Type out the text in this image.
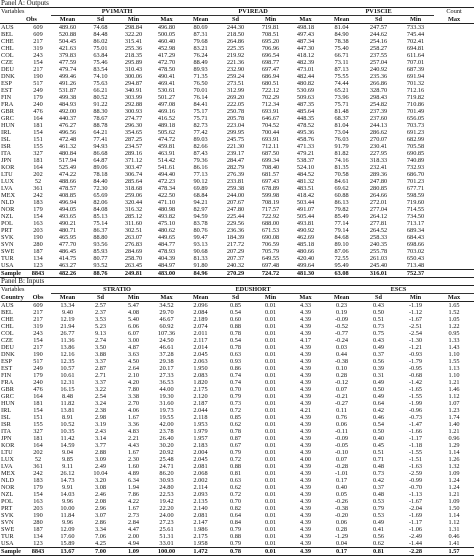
Panel A: Outputs
Variables		PV1MATH				PV1READ				PV1SCIE			Count
	Obs	Mean	Sd	Min	Max	Mean	Sd	Min	Max	Mean	Sd	Min	Max
AUS	609	489.60	74.68	298.84	496.80	80.69	244.30	719.81	498.18	81.04	247.57	733.33	
BEL	609	520.88	84.48	322.20	500.05	87.31	218.50	708.51	497.43	84.90	244.62	745.44	
CHE	217	504.45	86.02	315.41	460.40	79.68	264.86	695.20	487.34	78.38	254.16	702.41	
CHL	319	421.63	75.01	255.36	452.98	83.21	225.35	706.96	447.30	75.40	258.27	694.81	
COL	243	379.83	63.84	218.35	417.29	76.24	219.92	696.54	418.12	66.71	237.55	611.64	
CZE	154	477.59	75.46	295.89	472.70	88.49	221.36	698.77	482.39	73.11	257.04	707.01	
DEU	217	479.74	83.54	310.43	478.50	89.93	232.90	697.47	473.01	87.13	240.92	687.39	
DNK	190	499.46	74.10	300.06	490.41	71.35	259.24	686.94	482.44	75.55	235.36	691.94	
ESP	517	491.26	75.63	294.87	469.41	76.50	273.51	680.51	480.82	74.44	266.86	701.32	
EST	249	531.87	66.21	340.91	530.61	70.01	312.99	722.12	530.69	65.21	328.70	712.16	
FIN	179	499.38	80.52	303.99	501.27	76.14	269.20	702.29	509.63	73.96	298.43	719.82	
FRA	240	484.93	91.22	292.88	497.08	84.41	222.05	712.34	487.35	75.71	254.82	710.86	
GBR	476	492.00	88.30	300.93	469.16	75.17	250.78	693.91	485.64	81.48	237.39	701.49	
GRC	164	440.37	78.67	274.77	416.52	75.71	205.78	646.67	448.35	68.37	237.60	656.05	
HUN	181	476.27	88.78	296.30	489.18	82.73	223.04	704.52	478.52	81.04	244.13	703.73	
IRL	154	496.56	64.21	354.65	505.62	77.42	299.95	700.44	495.36	73.04	286.62	691.23	
ISL	151	472.48	77.41	287.25	474.72	89.03	245.75	693.91	458.76	76.03	270.07	682.99	
ISR	155	461.32	94.93	234.57	459.81	82.66	221.30	712.11	471.33	91.79	230.41	705.58	
ITA	327	480.84	86.68	289.16	463.91	87.43	239.17	687.50	479.21	81.82	227.95	690.85	
JPN	181	517.94	64.87	371.12	514.42	79.36	284.47	699.34	538.37	74.16	318.33	740.89	
KOR	164	525.49	89.06	303.47	541.61	86.16	282.79	708.40	524.10	81.35	232.41	732.93	
LTU	202	474.22	78.18	306.74	494.40	77.13	276.39	681.57	484.52	70.58	289.36	686.70	
LUX	52	488.66	84.40	285.64	472.23	90.12	233.81	697.43	481.32	84.61	247.80	701.23	
LVA	361	478.57	72.30	318.68	478.34	69.89	259.38	678.89	483.51	69.62	280.85	677.71	
MEX	242	408.85	65.69	259.06	422.50	68.84	244.00	599.98	418.42	60.88	264.66	598.59	
NLD	183	496.94	82.06	320.44	471.10	94.21	207.67	708.19	503.44	86.13	272.01	719.60	
NOR	179	494.05	84.08	316.32	480.98	82.97	247.80	717.57	491.07	79.82	277.04	714.55	
NZL	154	493.65	85.13	285.12	493.82	94.59	225.44	722.92	505.44	85.49	264.12	734.50	
POL	163	490.21	75.14	311.60	475.10	83.78	229.56	688.00	493.81	77.14	277.81	713.17	
PRT	203	480.71	86.37	302.51	480.62	80.76	236.36	671.53	490.92	79.14	264.52	689.34	
SVK	190	465.95	88.80	263.07	449.65	99.47	184.39	690.08	462.69	84.68	258.33	684.43	
SVN	280	477.70	93.56	276.83	484.77	93.13	217.72	706.59	485.18	89.10	240.35	698.66	
SWE	187	486.45	85.93	284.69	478.93	90.68	207.29	705.79	480.66	87.06	255.78	703.02	
TUR	134	414.75	80.77	258.70	404.39	81.33	207.37	649.55	420.40	72.55	261.03	650.43	
USA	123	463.27	93.52	263.45	484.97	91.80	240.32	697.48	499.64	95.49	245.40	713.48	
Sample	8843	482.26	88.76	249.81	483.00	84.96	270.29	724.72	481.30	63.08	316.01	752.37	
Panel B: Inputs
Variables		STRATIO				EDUSHORT				ESCS			
Country	Obs	Mean	Sd	Min	Max	Mean	Sd	Min	Max	Mean	Sd	Min	Max
AUS	609	13.34	2.57	5.47	34.52	2.096	0.85	0.01	4.33	0.23	0.43	-1.19	1.65
BEL	217	9.40	2.37	4.08	29.70	2.084	0.54	0.01	4.39	0.19	0.50	-1.12	1.52
CHE	217	12.19	3.53	5.40	46.67	2.189	0.60	0.01	4.39	-0.09	0.51	-1.67	1.05
CHL	319	21.94	5.23	6.06	60.92	2.074	0.88	0.01	4.39	-0.52	0.73	-2.51	1.22
COL	243	26.77	9.13	6.07	107.36	2.011	0.78	0.01	4.39	-0.77	0.75	-2.54	0.95
CZE	154	11.36	2.74	3.00	24.50	2.117	0.54	0.01	4.17	-0.24	0.43	-1.30	1.33
DEU	217	13.86	3.50	4.87	46.61	2.014	0.78	0.01	4.39	0.03	0.49	-1.21	1.43
DNK	190	12.16	3.88	3.63	37.28	2.045	0.63	0.01	4.39	0.44	0.37	-0.93	1.10
ESP	517	12.35	3.37	4.50	29.38	2.063	0.93	0.01	4.39	-0.38	0.56	-1.79	1.55
EST	249	10.57	2.87	2.64	20.17	1.950	0.86	0.01	4.39	0.10	0.39	-0.95	1.13
FIN	179	10.61	2.71	2.10	27.33	2.083	0.74	0.01	4.39	0.28	0.31	-0.68	1.10
FRA	240	12.31	3.37	4.20	36.53	1.820	0.74	0.01	4.39	-0.12	0.49	-1.42	1.21
GBR	476	16.15	3.22	7.80	44.00	2.175	0.70	0.01	4.39	0.07	0.50	-1.65	1.46
GRC	164	8.48	2.54	3.38	19.30	2.120	0.79	0.01	4.39	-0.21	0.49	-1.55	1.12
HUN	181	11.82	3.24	2.70	31.60	2.187	0.73	0.01	4.39	-0.27	0.64	-1.99	1.07
IRL	154	13.81	2.38	4.06	19.73	2.044	0.72	0.01	4.21	0.11	0.42	-0.96	1.23
ISL	151	8.91	2.98	1.67	19.55	2.118	0.85	0.01	4.39	0.76	0.46	-0.73	1.74
ISR	155	10.52	3.19	3.36	42.00	1.953	0.62	0.01	4.39	0.06	0.54	-1.47	1.40
ITA	327	10.35	2.43	4.83	23.78	1.979	0.78	0.01	4.39	-0.11	0.50	-1.66	1.21
JPN	181	11.42	3.14	2.21	26.40	1.957	0.87	0.01	4.39	-0.09	0.40	-1.17	0.96
KOR	164	14.59	3.77	4.43	30.20	2.183	0.67	0.01	4.39	-0.05	0.45	-1.18	1.29
LTU	202	9.04	2.88	1.67	20.92	2.004	0.79	0.01	4.39	-0.10	0.51	-1.55	1.14
LUX	52	9.85	3.09	2.30	25.48	2.045	0.72	0.01	4.00	0.07	0.71	-1.51	1.26
LVA	361	9.11	2.49	1.60	24.71	2.081	0.88	0.01	4.39	-0.28	0.48	-1.63	1.32
MEX	242	26.12	10.04	4.89	86.20	2.068	0.81	0.01	4.39	-1.01	0.73	-2.59	1.09
NLD	183	14.73	3.20	6.34	30.93	2.002	0.63	0.01	4.39	0.17	0.42	-0.99	1.24
NOR	179	9.91	3.08	1.94	24.80	2.114	0.62	0.01	4.39	0.40	0.37	-0.70	1.24
NZL	154	14.03	2.46	7.86	22.53	2.093	0.72	0.01	4.39	0.05	0.48	-1.13	1.21
POL	163	9.96	2.08	4.22	19.42	2.135	0.70	0.01	4.39	-0.26	0.53	-1.67	1.09
PRT	203	10.00	2.96	1.67	22.20	2.140	0.82	0.01	4.39	-0.38	0.79	-2.04	1.50
SVK	190	11.84	3.07	2.73	24.00	2.081	0.64	0.01	4.39	-0.20	0.53	-1.69	1.14
SVN	280	9.96	2.86	2.84	27.23	2.147	0.84	0.01	4.39	0.06	0.49	-1.17	1.12
SWE	187	12.09	3.34	4.47	25.61	1.986	0.79	0.01	4.39	0.28	0.41	-1.06	1.31
TUR	134	17.60	7.06	2.00	51.31	2.175	0.88	0.01	4.39	-1.29	0.56	-2.49	0.46
USA	123	15.89	4.25	4.94	33.01	1.958	0.79	0.01	4.39	0.04	0.62	-1.44	1.41
Sample	8843	13.67	7.00	1.09	100.00	1.472	0.78	0.01	4.39	0.17	0.81	-2.28	1.57
